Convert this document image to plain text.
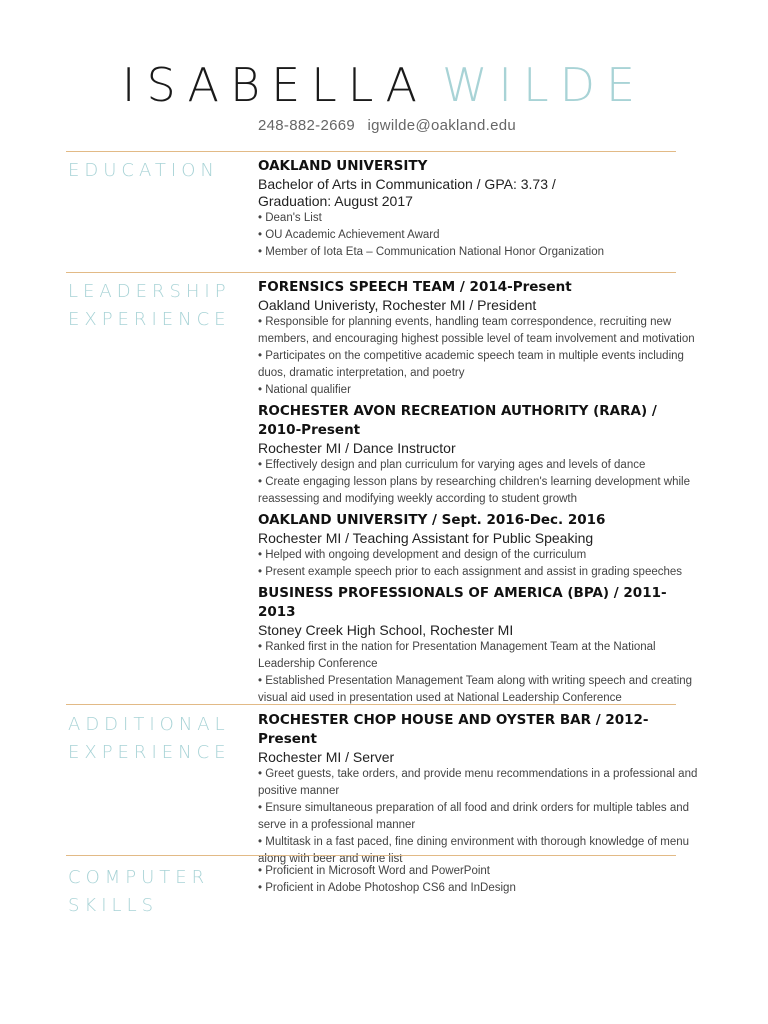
ISABELLA WILDE
248-882-2669 igwilde@oakland.edu
EDUCATION	OAKLAND UNIVERSITY
Bachelor of Arts in Communication / GPA: 3.73 /
Graduation: August 2017
• Dean's List
• OU Academic Achievement Award
• Member of Iota Eta – Communication National Honor Organization
LEADERSHIP
EXPERIENCE
FORENSICS SPEECH TEAM / 2014-Present
Oakland Univeristy, Rochester MI / President
• Responsible for planning events, handling team correspondence, recruiting new members, and encouraging highest possible level of team involvement and motivation
• Participates on the competitive academic speech team in multiple events including duos, dramatic interpretation, and poetry
• National qualifier
ROCHESTER AVON RECREATION AUTHORITY (RARA) / 2010-Present
Rochester MI / Dance Instructor
• Effectively design and plan curriculum for varying ages and levels of dance
• Create engaging lesson plans by researching children's learning development while reassessing and modifying weekly according to student growth
OAKLAND UNIVERSITY / Sept. 2016-Dec. 2016
Rochester MI / Teaching Assistant for Public Speaking
• Helped with ongoing development and design of the curriculum
• Present example speech prior to each assignment and assist in grading speeches
BUSINESS PROFESSIONALS OF AMERICA (BPA) / 2011-2013
Stoney Creek High School, Rochester MI
• Ranked first in the nation for Presentation Management Team at the National Leadership Conference
• Established Presentation Management Team along with writing speech and creating visual aid used in presentation used at National Leadership Conference
ADDITIONAL
EXPERIENCE
ROCHESTER CHOP HOUSE AND OYSTER BAR / 2012-Present
Rochester MI / Server
• Greet guests, take orders, and provide menu recommendations in a professional and positive manner
• Ensure simultaneous preparation of all food and drink orders for multiple tables and serve in a professional manner
• Multitask in a fast paced, fine dining environment with thorough knowledge of menu along with beer and wine list
COMPUTER
SKILLS
• Proficient in Microsoft Word and PowerPoint
• Proficient in Adobe Photoshop CS6 and InDesign
